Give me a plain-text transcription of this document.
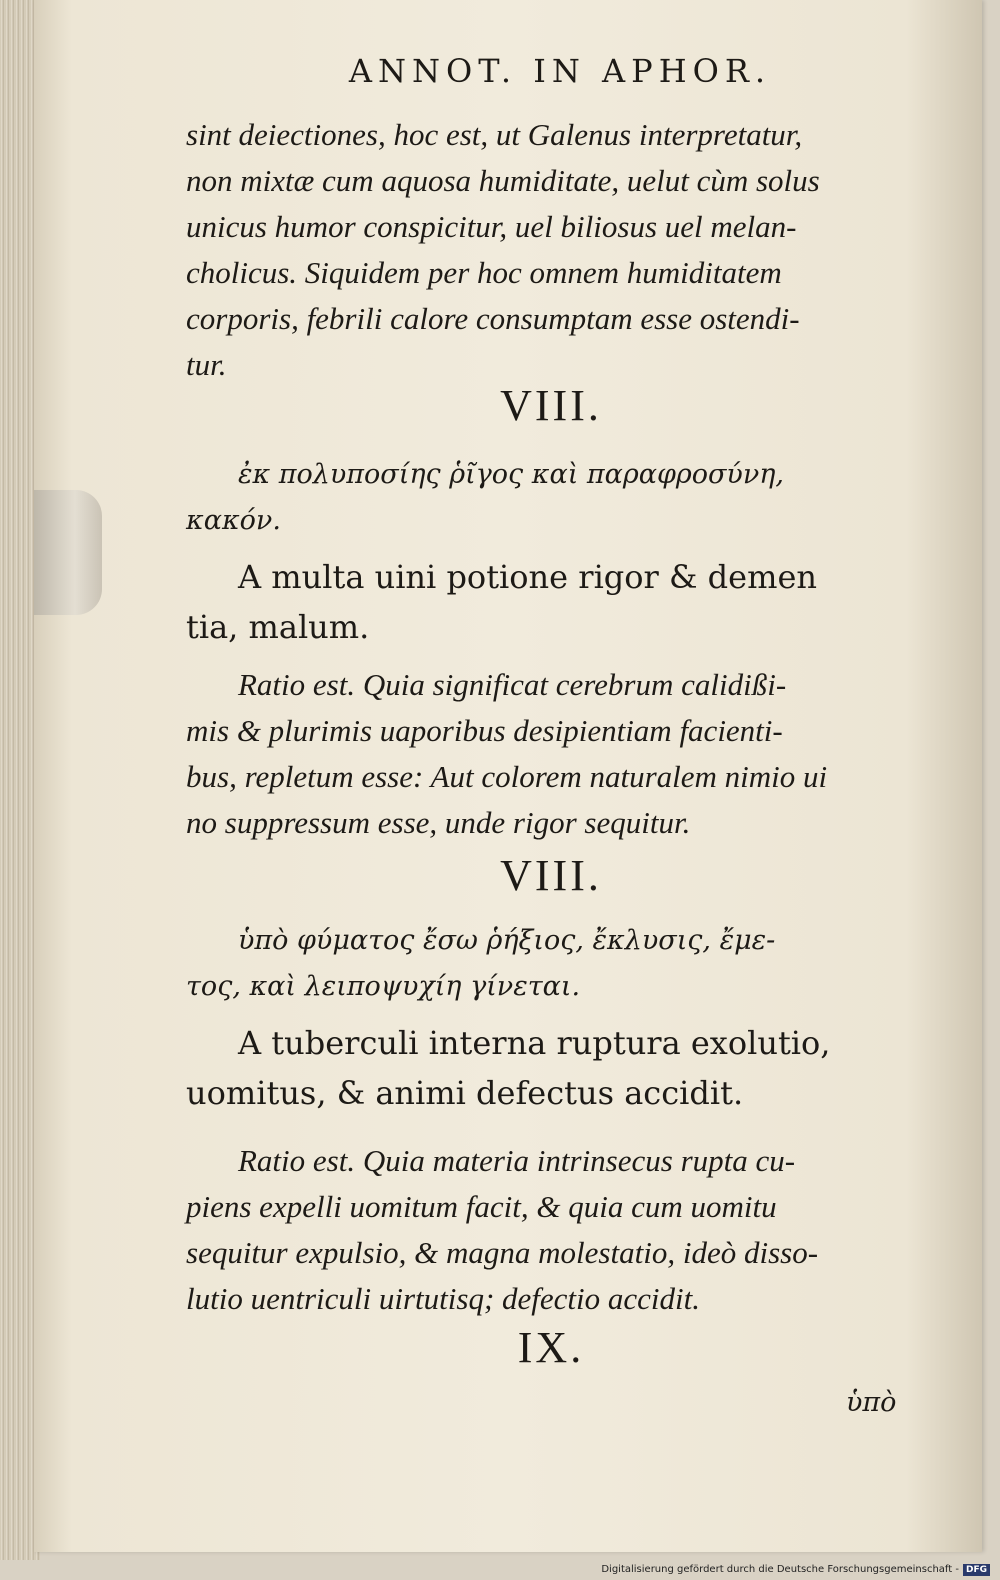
ANNOT. IN APHOR.
sint deiectiones, hoc est, ut Galenus interpretatur,
non mixtæ cum aquosa humiditate, uelut cùm solus
unicus humor conspicitur, uel biliosus uel melan-
cholicus. Siquidem per hoc omnem humiditatem
corporis, febrili calore consumptam esse ostendi-
tur.
VIII.
ἐκ πολυποσίης ῥῖγος καὶ παραφροσύνη,
κακόν.
A multa uini potione rigor & demen
tia, malum.
Ratio est. Quia significat cerebrum calidißi-
mis & plurimis uaporibus desipientiam facienti-
bus, repletum esse: Aut colorem naturalem nimio ui
no suppressum esse, unde rigor sequitur.
VIII.
ὑπὸ φύματος ἔσω ῥήξιος, ἔκλυσις, ἔμε-
τος, καὶ λειποψυχίη γίνεται.
A tuberculi interna ruptura exolutio,
uomitus, & animi defectus accidit.
Ratio est. Quia materia intrinsecus rupta cu-
piens expelli uomitum facit, & quia cum uomitu
sequitur expulsio, & magna molestatio, ideò disso-
lutio uentriculi uirtutisq; defectio accidit.
IX.
ὑπὸ
Digitalisierung gefördert durch die Deutsche Forschungsgemeinschaft - DFG
